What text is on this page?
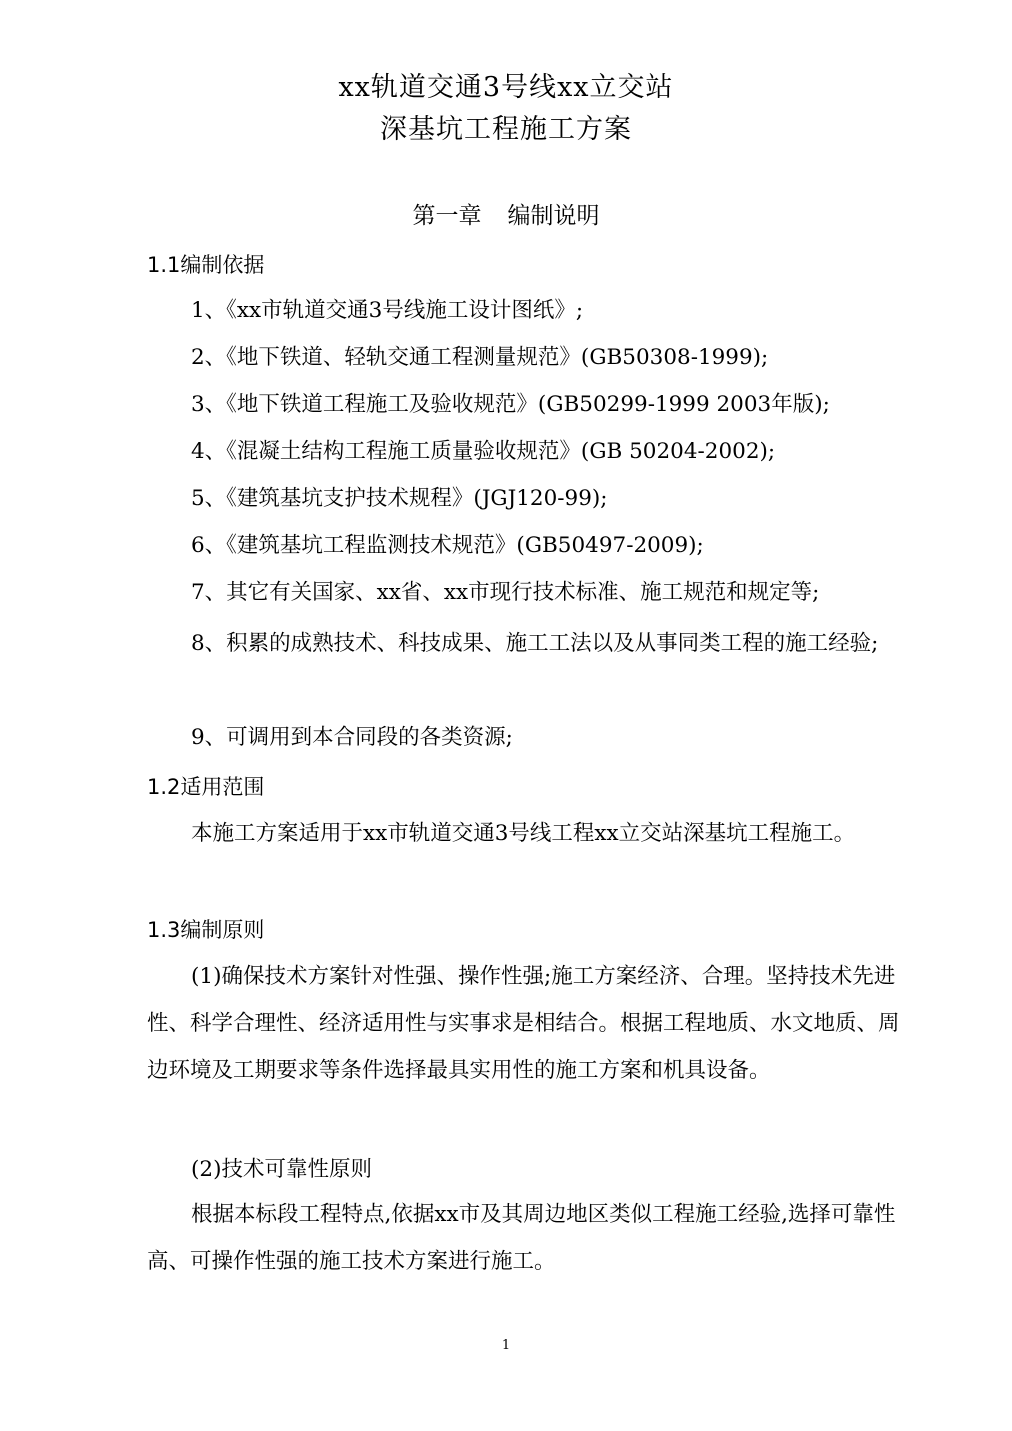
xx轨道交通3号线xx立交站
深基坑工程施工方案
第一章 编制说明
1.1编制依据
1、《xx市轨道交通3号线施工设计图纸》;
2、《地下铁道、轻轨交通工程测量规范》(GB50308-1999);
3、《地下铁道工程施工及验收规范》(GB50299-1999 2003年版);
4、《混凝土结构工程施工质量验收规范》(GB 50204-2002);
5、《建筑基坑支护技术规程》(JGJ120-99);
6、《建筑基坑工程监测技术规范》(GB50497-2009);
7、其它有关国家、xx省、xx市现行技术标准、施工规范和规定等;
8、积累的成熟技术、科技成果、施工工法以及从事同类工程的施工经验;
9、可调用到本合同段的各类资源;
1.2适用范围
本施工方案适用于xx市轨道交通3号线工程xx立交站深基坑工程施工。
1.3编制原则
(1)确保技术方案针对性强、操作性强;施工方案经济、合理。坚持技术先进性、科学合理性、经济适用性与实事求是相结合。根据工程地质、水文地质、周边环境及工期要求等条件选择最具实用性的施工方案和机具设备。
(2)技术可靠性原则
根据本标段工程特点,依据xx市及其周边地区类似工程施工经验,选择可靠性高、可操作性强的施工技术方案进行施工。
1
